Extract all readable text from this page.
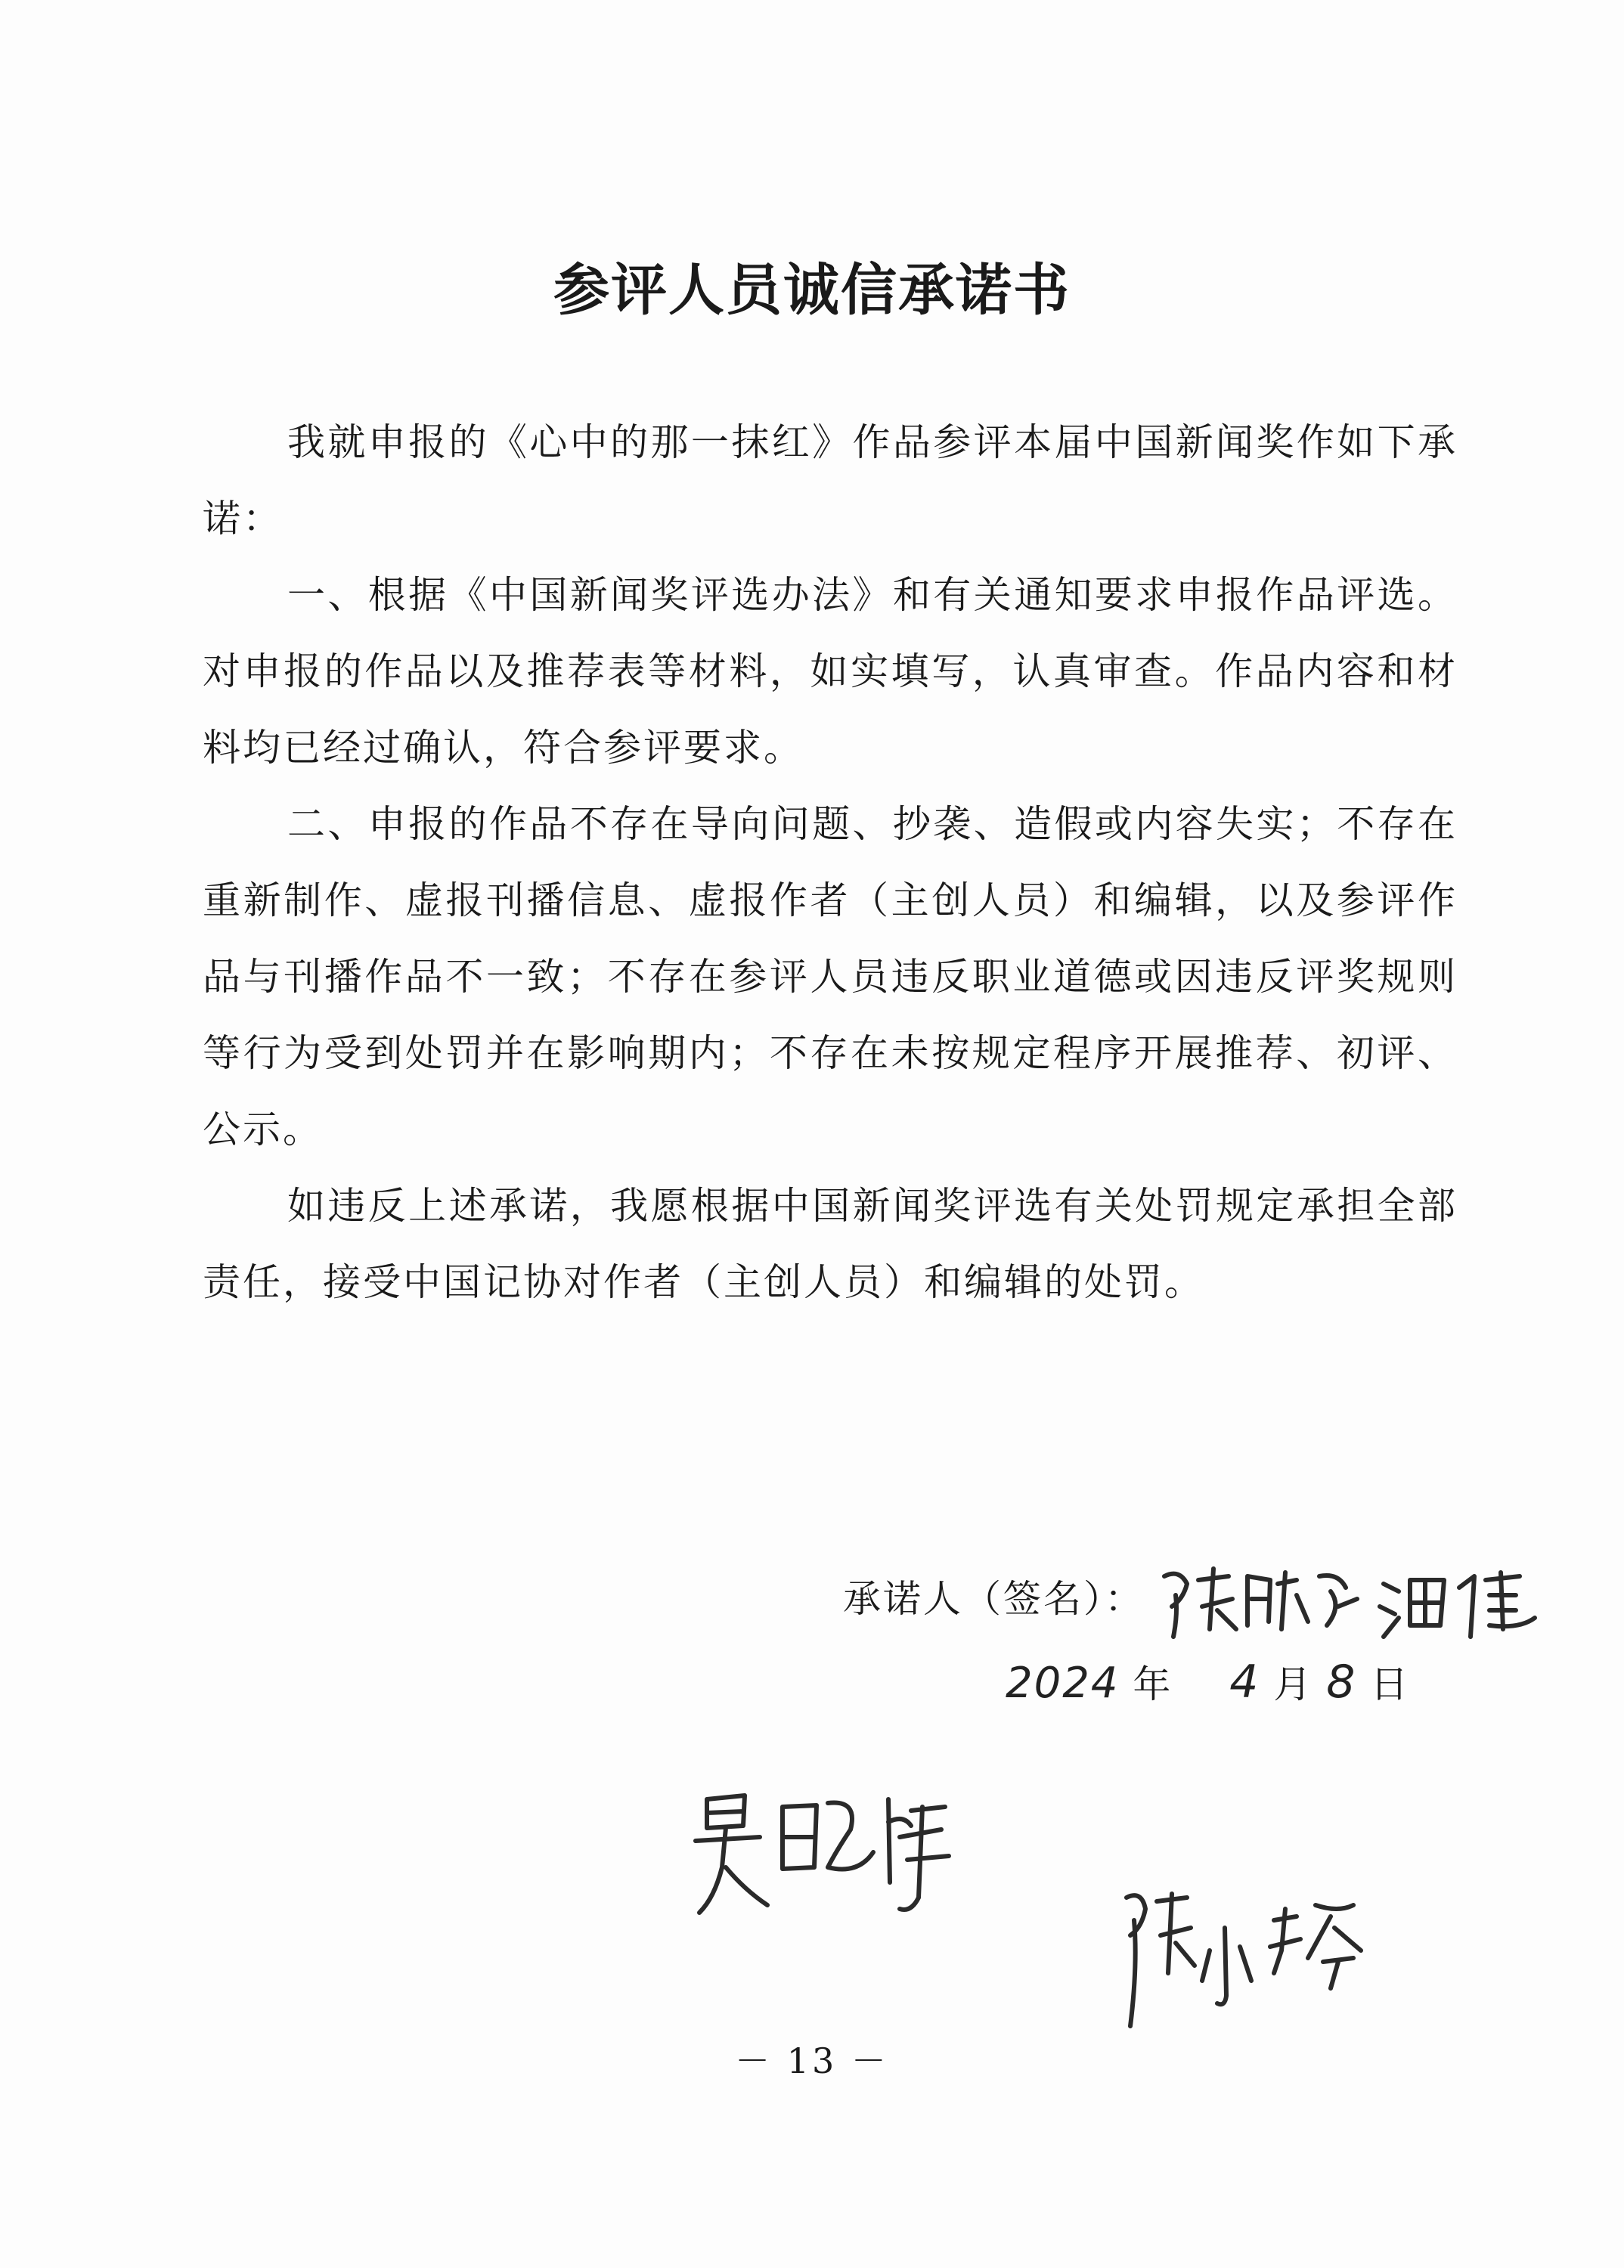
参评人员诚信承诺书

我就申报的《心中的那一抹红》作品参评本届中国新闻奖作如下承诺：

一、根据《中国新闻奖评选办法》和有关通知要求申报作品评选。对申报的作品以及推荐表等材料，如实填写，认真审查。作品内容和材料均已经过确认，符合参评要求。

二、申报的作品不存在导向问题、抄袭、造假或内容失实；不存在重新制作、虚报刊播信息、虚报作者（主创人员）和编辑，以及参评作品与刊播作品不一致；不存在参评人员违反职业道德或因违反评奖规则等行为受到处罚并在影响期内；不存在未按规定程序开展推荐、初评、公示。

如违反上述承诺，我愿根据中国新闻奖评选有关处罚规定承担全部责任，接受中国记协对作者（主创人员）和编辑的处罚。

承诺人（签名）：
2024 年 4 月 8 日
－ 13 －
